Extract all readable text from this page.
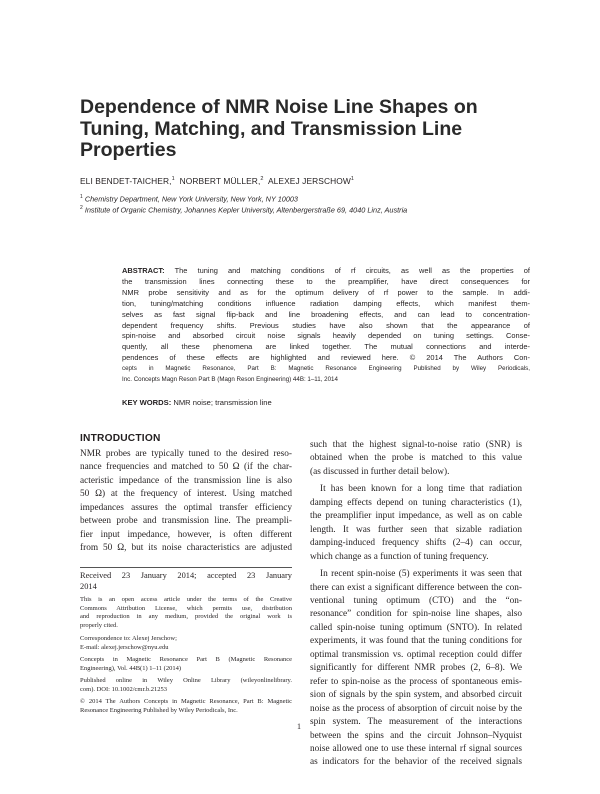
Dependence of NMR Noise Line Shapes on
Tuning, Matching, and Transmission Line
Properties
ELI BENDET-TAICHER,$^1$ NORBERT MÜLLER,$^2$ ALEXEJ JERSCHOW$^1$
$^1$ Chemistry Department, New York University, New York, NY 10003
$^2$ Institute of Organic Chemistry, Johannes Kepler University, Altenbergerstraße 69, 4040 Linz, Austria
ABSTRACT: The tuning and matching conditions of rf circuits, as well as the properties of
the transmission lines connecting these to the preamplifier, have direct consequences for
NMR probe sensitivity and as for the optimum delivery of rf power to the sample. In addi-
tion, tuning/matching conditions influence radiation damping effects, which manifest them-
selves as fast signal flip-back and line broadening effects, and can lead to concentration-
dependent frequency shifts. Previous studies have also shown that the appearance of
spin-noise and absorbed circuit noise signals heavily depended on tuning settings. Conse-
quently, all these phenomena are linked together. The mutual connections and interde-
pendences of these effects are highlighted and reviewed here. © 2014 The Authors Con-
cepts in Magnetic Resonance, Part B: Magnetic Resonance Engineering Published by Wiley Periodicals,
Inc. Concepts Magn Reson Part B (Magn Reson Engineering) 44B: 1–11, 2014
KEY WORDS: NMR noise; transmission line
INTRODUCTION
NMR probes are typically tuned to the desired reso-
nance frequencies and matched to 50 Ω (if the char-
acteristic impedance of the transmission line is also
50 Ω) at the frequency of interest. Using matched
impedances assures the optimal transfer efficiency
between probe and transmission line. The preampli-
fier input impedance, however, is often different
from 50 Ω, but its noise characteristics are adjusted
Received 23 January 2014; accepted 23 January
2014
This is an open access article under the terms of the Creative
Commons Attribution License, which permits use, distribution
and reproduction in any medium, provided the original work is
properly cited.
Correspondence to: Alexej Jerschow;
E-mail: alexej.jerschow@nyu.edu
Concepts in Magnetic Resonance Part B (Magnetic Resonance
Engineering), Vol. 44B(1) 1–11 (2014)
Published online in Wiley Online Library (wileyonlinelibrary.
com). DOI: 10.1002/cmr.b.21253
© 2014 The Authors Concepts in Magnetic Resonance, Part B: Magnetic
Resonance Engineering Published by Wiley Periodicals, Inc.
such that the highest signal-to-noise ratio (SNR) is
obtained when the probe is matched to this value
(as discussed in further detail below).
It has been known for a long time that radiation
damping effects depend on tuning characteristics (1),
the preamplifier input impedance, as well as on cable
length. It was further seen that sizable radiation
damping-induced frequency shifts (2–4) can occur,
which change as a function of tuning frequency.
In recent spin-noise (5) experiments it was seen that
there can exist a significant difference between the con-
ventional tuning optimum (CTO) and the “on-
resonance” condition for spin-noise line shapes, also
called spin-noise tuning optimum (SNTO). In related
experiments, it was found that the tuning conditions for
optimal transmission vs. optimal reception could differ
significantly for different NMR probes (2, 6–8). We
refer to spin-noise as the process of spontaneous emis-
sion of signals by the spin system, and absorbed circuit
noise as the process of absorption of circuit noise by the
spin system. The measurement of the interactions
between the spins and the circuit Johnson–Nyquist
noise allowed one to use these internal rf signal sources
as indicators for the behavior of the received signals
1
